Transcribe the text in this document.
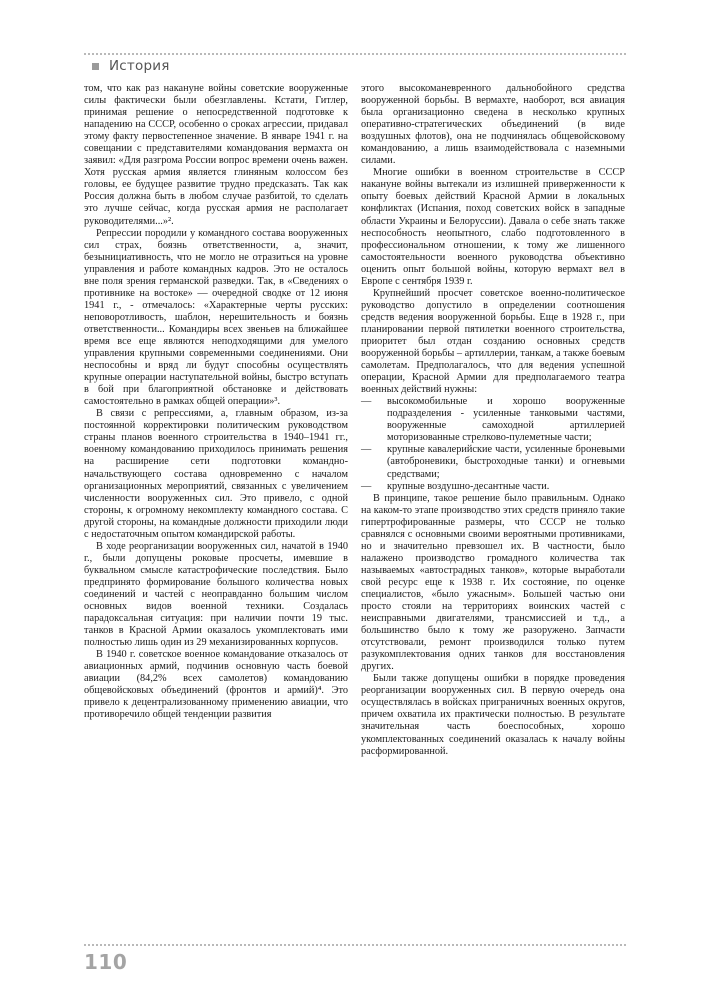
История

том, что как раз накануне войны советские вооруженные силы фактически были обезглавлены. Кстати, Гитлер, принимая решение о непосредственной подготовке к нападению на СССР, особенно о сроках агрессии, придавал этому факту первостепенное значение. В январе 1941 г. на совещании с представителями командования вермахта он заявил: «Для разгрома России вопрос времени очень важен. Хотя русская армия является глиняным колоссом без головы, ее будущее развитие трудно предсказать. Так как Россия должна быть в любом случае разбитой, то сделать это лучше сейчас, когда русская армия не располагает руководителями...»².

Репрессии породили у командного состава вооруженных сил страх, боязнь ответственности, а, значит, безынициативность, что не могло не отразиться на уровне управления и работе командных кадров. Это не осталось вне поля зрения германской разведки. Так, в «Сведениях о противнике на востоке» — очередной сводке от 12 июня 1941 г., - отмечалось: «Характерные черты русских: неповоротливость, шаблон, нерешительность и боязнь ответственности... Командиры всех звеньев на ближайшее время все еще являются неподходящими для умелого управления крупными современными соединениями. Они неспособны и вряд ли будут способны осуществлять крупные операции наступательной войны, быстро вступать в бой при благоприятной обстановке и действовать самостоятельно в рамках общей операции»³.

В связи с репрессиями, а, главным образом, из-за постоянной корректировки политическим руководством страны планов военного строительства в 1940–1941 гг., военному командованию приходилось принимать решения на расширение сети подготовки командно-начальствующего состава одновременно с началом организационных мероприятий, связанных с увеличением численности вооруженных сил. Это привело, с одной стороны, к огромному некомплекту командного состава. С другой стороны, на командные должности приходили люди с недостаточным опытом командирской работы.

В ходе реорганизации вооруженных сил, начатой в 1940 г., были допущены роковые просчеты, имевшие в буквальном смысле катастрофические последствия. Было предпринято формирование большого количества новых соединений и частей с неоправданно большим числом основных видов военной техники. Создалась парадоксальная ситуация: при наличии почти 19 тыс. танков в Красной Армии оказалось укомплектовать ими полностью лишь один из 29 механизированных корпусов.

В 1940 г. советское военное командование отказалось от авиационных армий, подчинив основную часть боевой авиации (84,2% всех самолетов) командованию общевойсковых объединений (фронтов и армий)⁴. Это привело к децентрализованному применению авиации, что противоречило общей тенденции развития

этого высокоманевренного дальнобойного средства вооруженной борьбы. В вермахте, наоборот, вся авиация была организационно сведена в несколько крупных оперативно-стратегических объединений (в виде воздушных флотов), она не подчинялась общевойсковому командованию, а лишь взаимодействовала с наземными силами.

Многие ошибки в военном строительстве в СССР накануне войны вытекали из излишней приверженности к опыту боевых действий Красной Армии в локальных конфликтах (Испания, поход советских войск в западные области Украины и Белоруссии). Давала о себе знать также неспособность неопытного, слабо подготовленного в профессиональном отношении, к тому же лишенного самостоятельности военного руководства объективно оценить опыт большой войны, которую вермахт вел в Европе с сентября 1939 г.

Крупнейший просчет советское военно-политическое руководство допустило в определении соотношения средств ведения вооруженной борьбы. Еще в 1928 г., при планировании первой пятилетки военного строительства, приоритет был отдан созданию основных средств вооруженной борьбы – артиллерии, танкам, а также боевым самолетам. Предполагалось, что для ведения успешной операции, Красной Армии для предполагаемого театра военных действий нужны:

— высокомобильные и хорошо вооруженные подразделения - усиленные танковыми частями, вооруженные самоходной артиллерией моторизованные стрелково-пулеметные части;
— крупные кавалерийские части, усиленные броневыми (автоброневики, быстроходные танки) и огневыми средствами;
— крупные воздушно-десантные части.

В принципе, такое решение было правильным. Однако на каком-то этапе производство этих средств приняло такие гипертрофированные размеры, что СССР не только сравнялся с основными своими вероятными противниками, но и значительно превзошел их. В частности, было налажено производство громадного количества так называемых «автострадных танков», которые выработали свой ресурс еще к 1938 г. Их состояние, по оценке специалистов, «было ужасным». Большей частью они просто стояли на территориях воинских частей с неисправными двигателями, трансмиссией и т.д., а большинство было к тому же разоружено. Запчасти отсутствовали, ремонт производился только путем разукомплектования одних танков для восстановления других.

Были также допущены ошибки в порядке проведения реорганизации вооруженных сил. В первую очередь она осуществлялась в войсках приграничных военных округов, причем охватила их практически полностью. В результате значительная часть боеспособных, хорошо укомплектованных соединений оказалась к началу войны расформированной.

110
